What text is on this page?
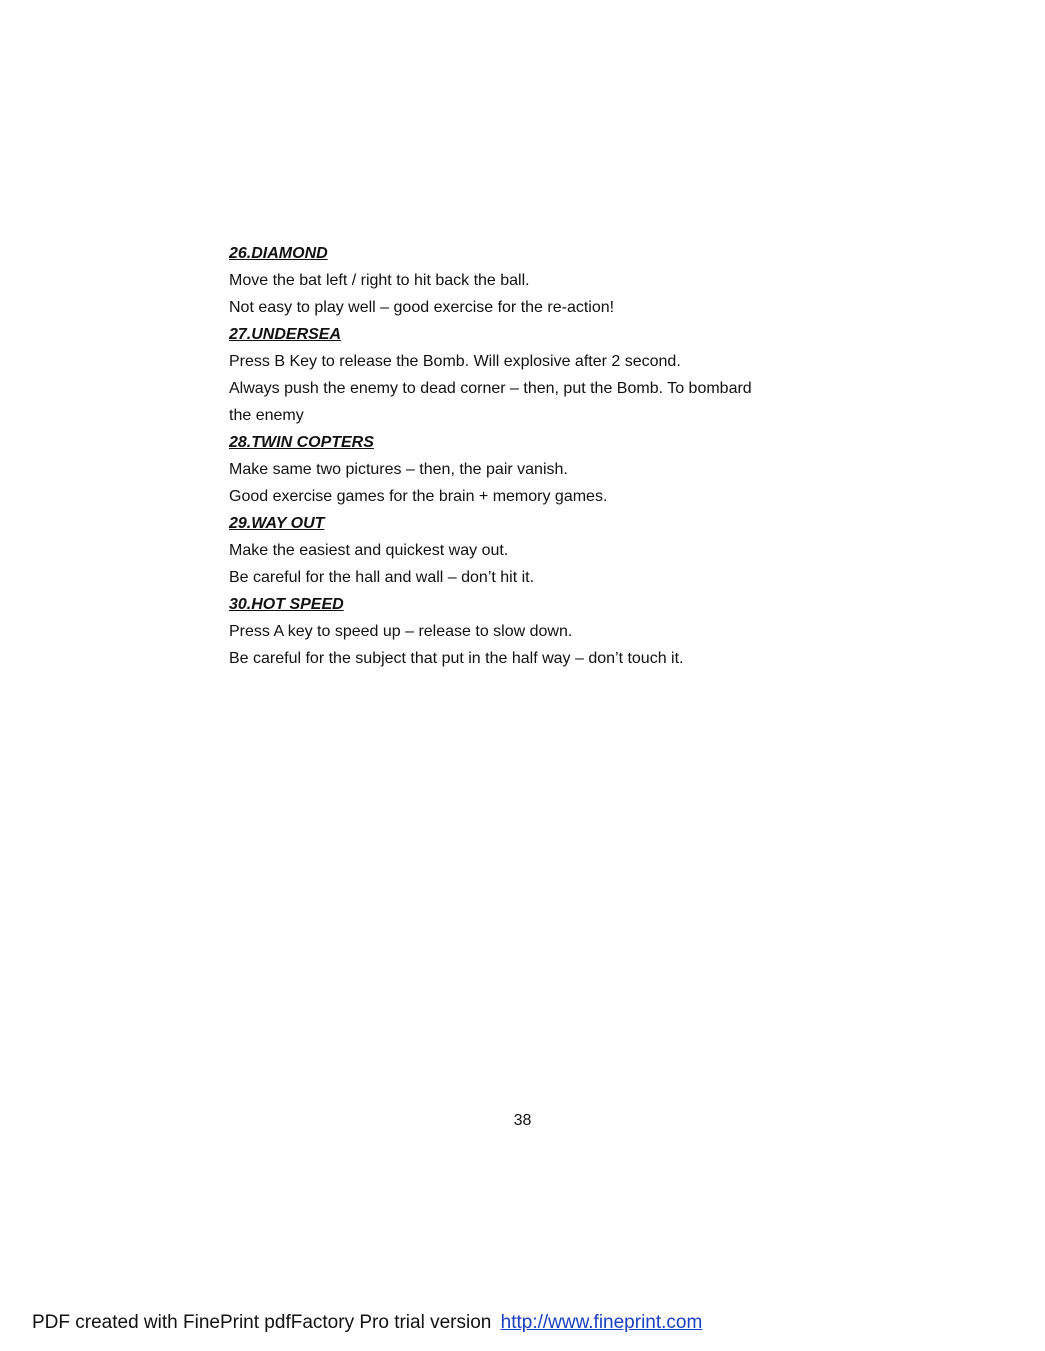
26.DIAMOND
Move the bat left / right to hit back the ball.
Not easy to play well – good exercise for the re-action!
27.UNDERSEA
Press B Key to release the Bomb. Will explosive after 2 second.
Always push the enemy to dead corner – then, put the Bomb. To bombard
the enemy
28.TWIN COPTERS
Make same two pictures – then, the pair vanish.
Good exercise games for the brain + memory games.
29.WAY OUT
Make the easiest and quickest way out.
Be careful for the hall and wall – don’t hit it.
30.HOT SPEED
Press A key to speed up – release to slow down.
Be careful for the subject that put in the half way – don’t touch it.
38
PDF created with FinePrint pdfFactory Pro trial version http://www.fineprint.com
